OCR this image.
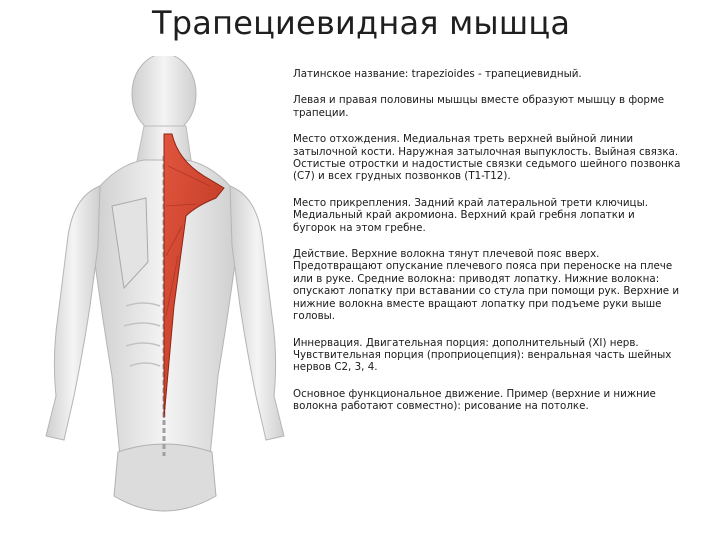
Трапециевидная мышца

Латинское название: trapezioides - трапециевидный.

Левая и правая половины мышцы вместе образуют мышцу в форме
трапеции.

Место отхождения. Медиальная треть верхней выйной линии
затылочной кости. Наружная затылочная выпуклость. Выйная связка.
Остистые отростки и надостистые связки седьмого шейного позвонка
(C7) и всех грудных позвонков (T1-T12).

Место прикрепления. Задний край латеральной трети ключицы.
Медиальный край акромиона. Верхний край гребня лопатки и
бугорок на этом гребне.

Действие. Верхние волокна тянут плечевой пояс вверх.
Предотвращают опускание плечевого пояса при переноске на плече
или в руке. Средние волокна: приводят лопатку. Нижние волокна:
опускают лопатку при вставании со стула при помощи рук. Верхние и
нижние волокна вместе вращают лопатку при подъеме руки выше
головы.

Иннервация. Двигательная порция: дополнительный (XI) нерв.
Чувствительная порция (проприоцепция): венральная часть шейных
нервов C2, 3, 4.

Основное функциональное движение. Пример (верхние и нижние
волокна работают совместно): рисование на потолке.
